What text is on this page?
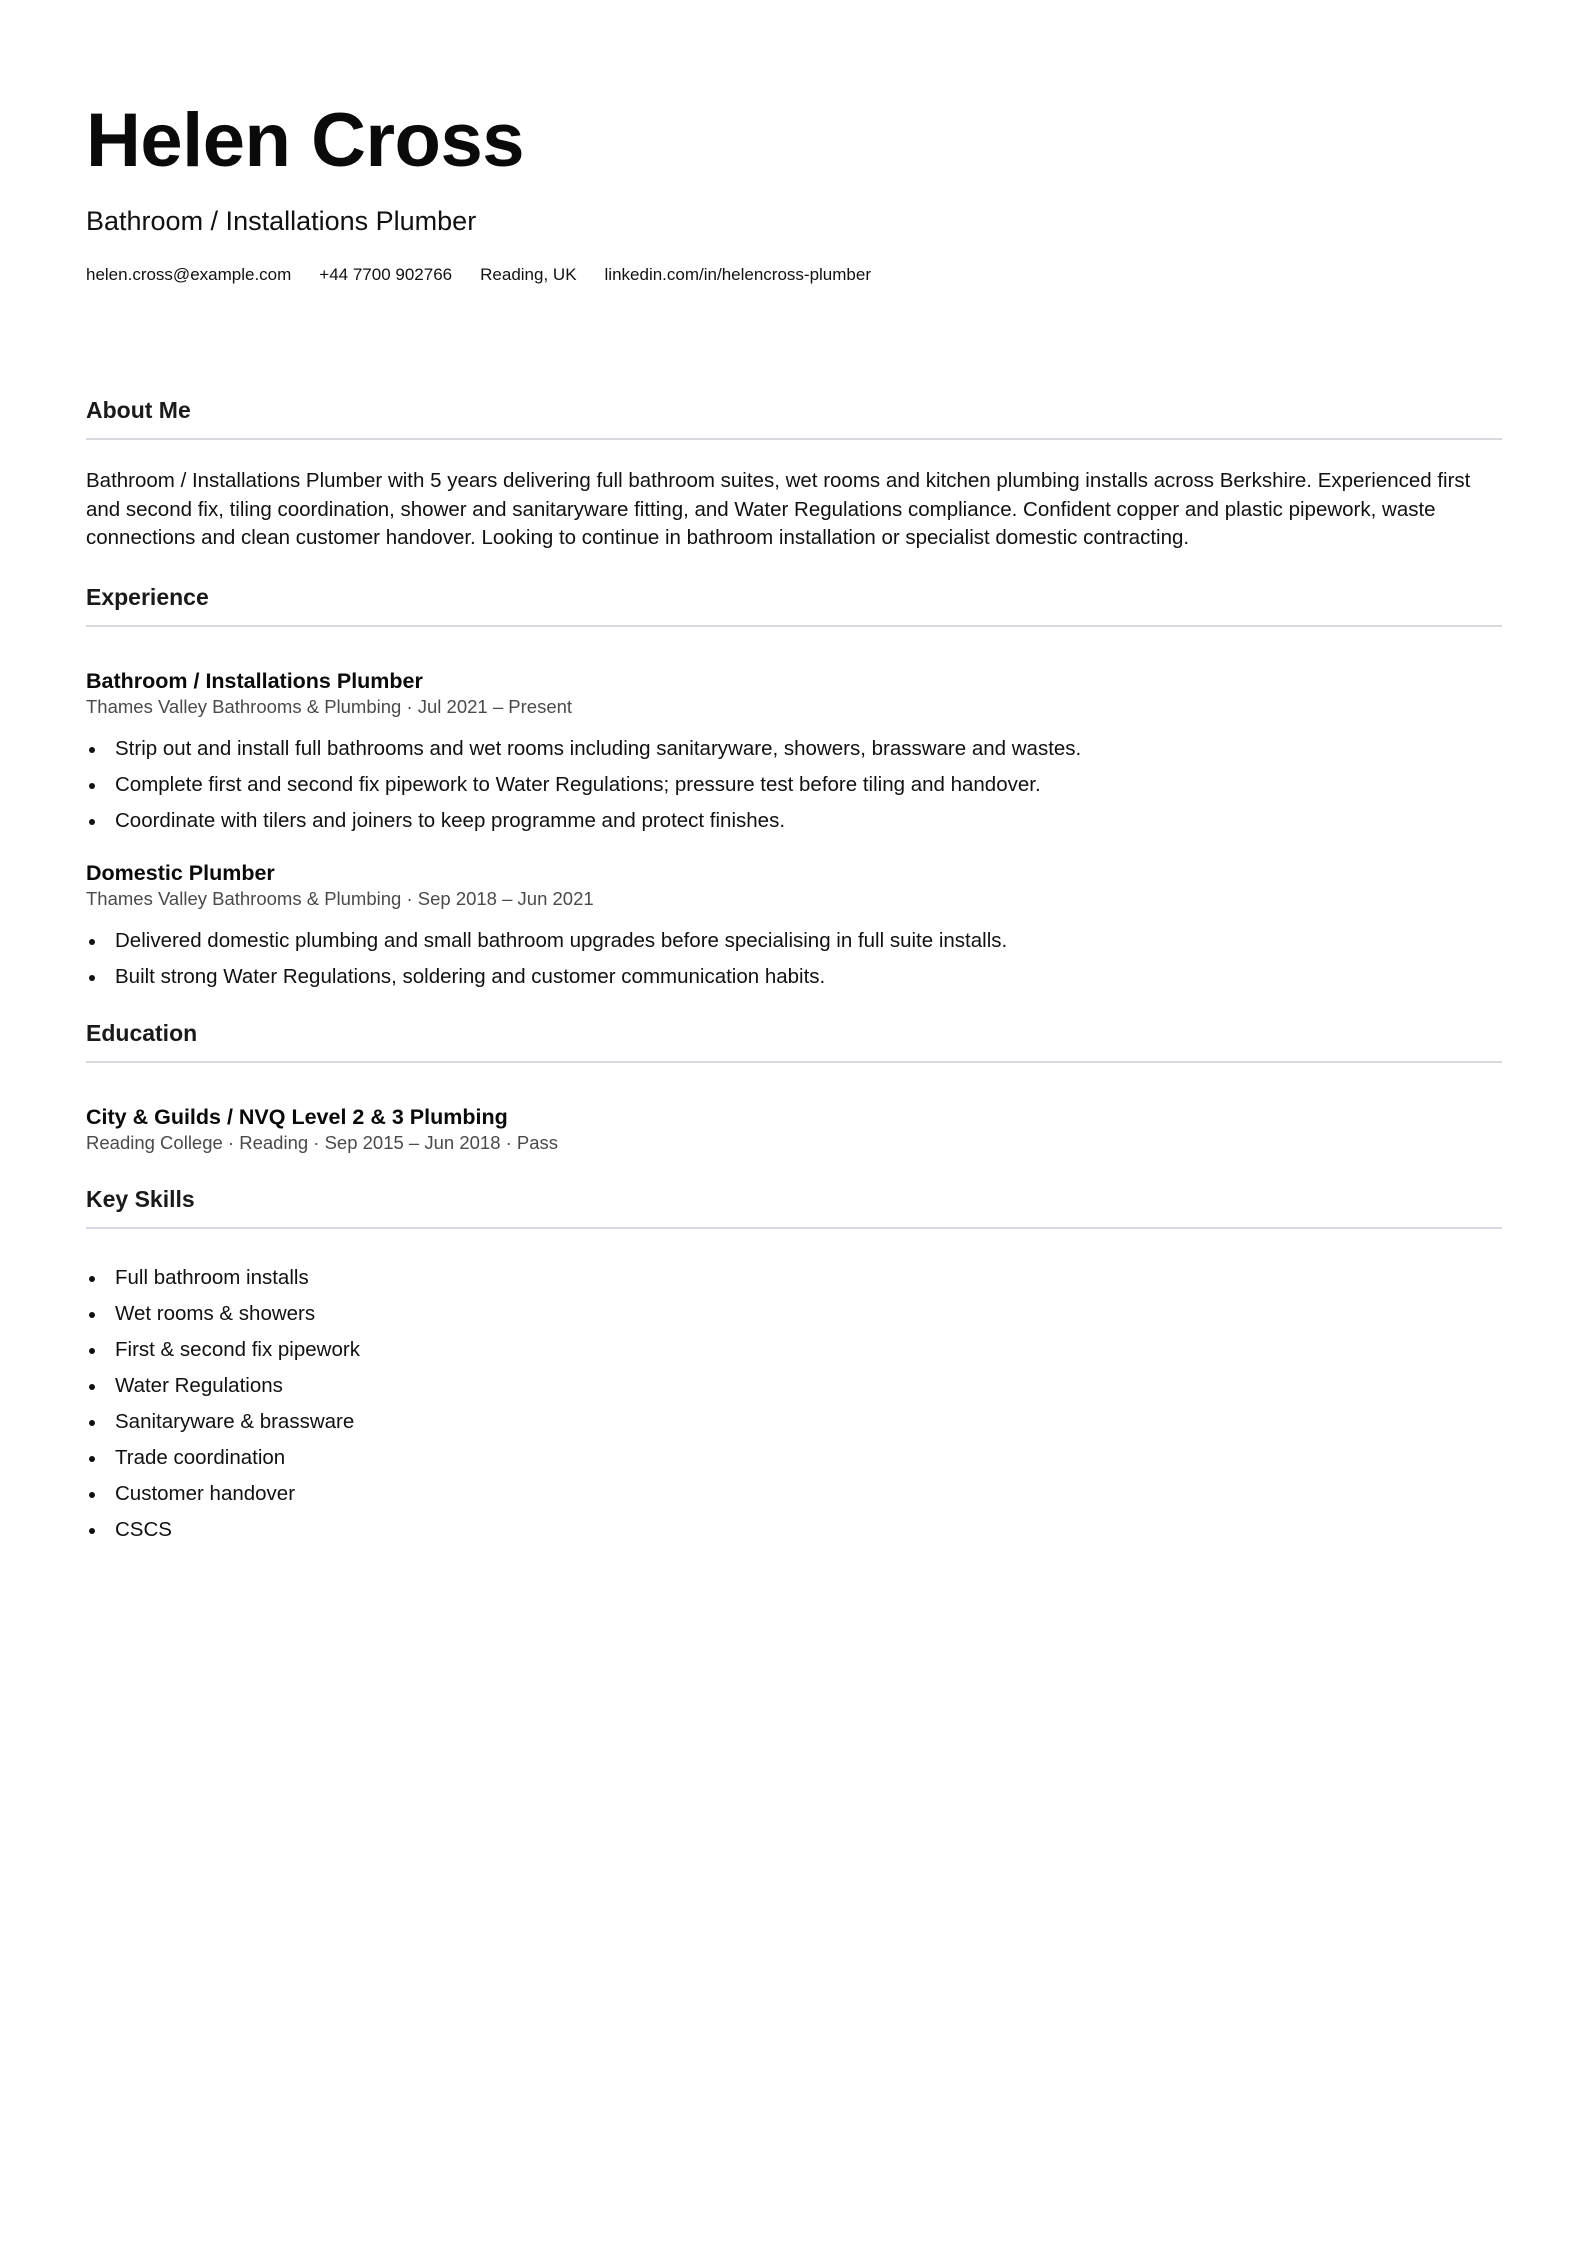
Helen Cross
Bathroom / Installations Plumber
helen.cross@example.com +44 7700 902766 Reading, UK linkedin.com/in/helencross-plumber
About Me
Bathroom / Installations Plumber with 5 years delivering full bathroom suites, wet rooms and kitchen plumbing installs across Berkshire. Experienced first and second fix, tiling coordination, shower and sanitaryware fitting, and Water Regulations compliance. Confident copper and plastic pipework, waste connections and clean customer handover. Looking to continue in bathroom installation or specialist domestic contracting.
Experience
Bathroom / Installations Plumber
Thames Valley Bathrooms & Plumbing · Jul 2021 – Present
Strip out and install full bathrooms and wet rooms including sanitaryware, showers, brassware and wastes.
Complete first and second fix pipework to Water Regulations; pressure test before tiling and handover.
Coordinate with tilers and joiners to keep programme and protect finishes.
Domestic Plumber
Thames Valley Bathrooms & Plumbing · Sep 2018 – Jun 2021
Delivered domestic plumbing and small bathroom upgrades before specialising in full suite installs.
Built strong Water Regulations, soldering and customer communication habits.
Education
City & Guilds / NVQ Level 2 & 3 Plumbing
Reading College · Reading · Sep 2015 – Jun 2018 · Pass
Key Skills
Full bathroom installs
Wet rooms & showers
First & second fix pipework
Water Regulations
Sanitaryware & brassware
Trade coordination
Customer handover
CSCS
